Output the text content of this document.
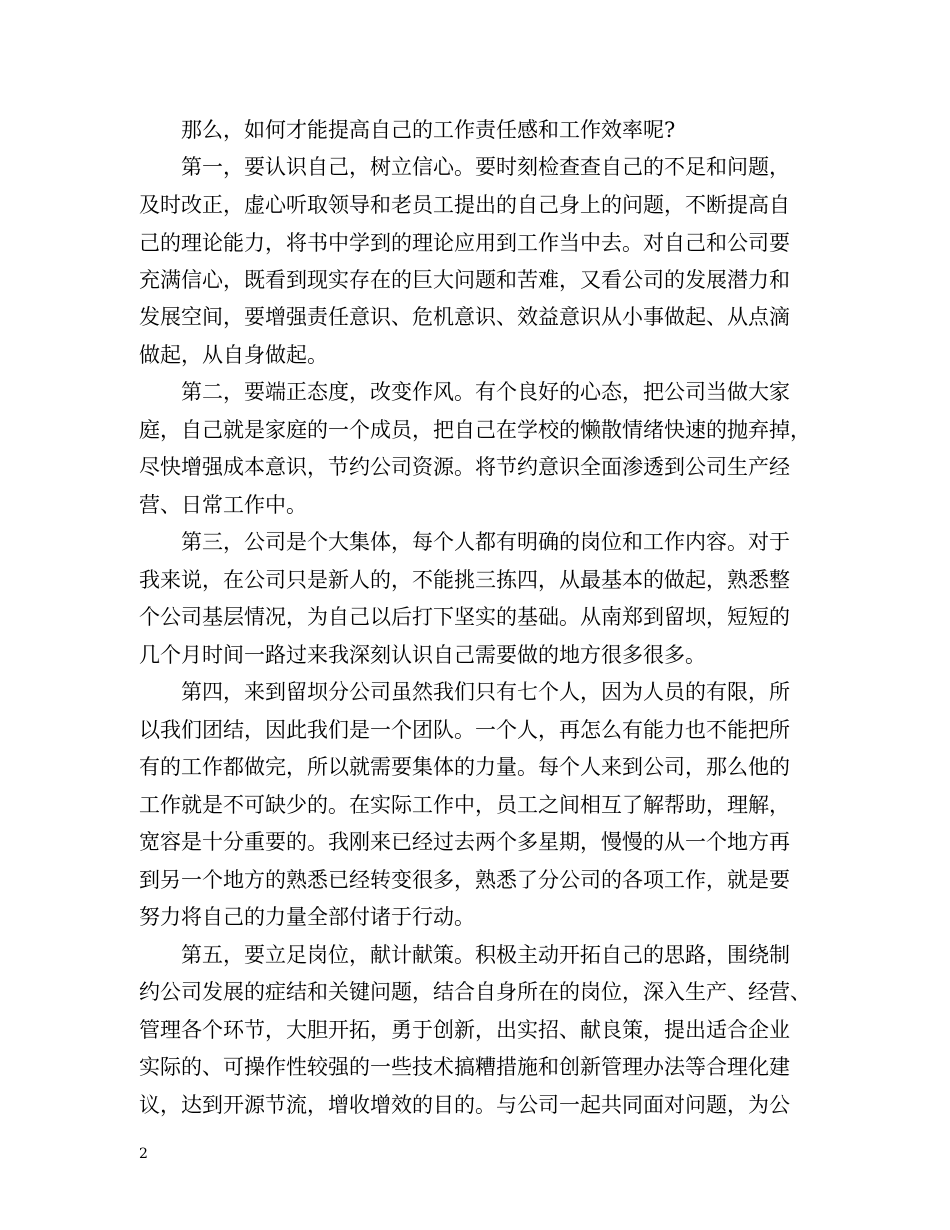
那么，如何才能提高自己的工作责任感和工作效率呢?
第一，要认识自己，树立信心。要时刻检查查自己的不足和问题，
及时改正，虚心听取领导和老员工提出的自己身上的问题，不断提高自
己的理论能力，将书中学到的理论应用到工作当中去。对自己和公司要
充满信心，既看到现实存在的巨大问题和苦难，又看公司的发展潜力和
发展空间，要增强责任意识、危机意识、效益意识从小事做起、从点滴
做起，从自身做起。
第二，要端正态度，改变作风。有个良好的心态，把公司当做大家
庭，自己就是家庭的一个成员，把自己在学校的懒散情绪快速的抛弃掉，
尽快增强成本意识，节约公司资源。将节约意识全面渗透到公司生产经
营、日常工作中。
第三，公司是个大集体，每个人都有明确的岗位和工作内容。对于
我来说，在公司只是新人的，不能挑三拣四，从最基本的做起，熟悉整
个公司基层情况，为自己以后打下坚实的基础。从南郑到留坝，短短的
几个月时间一路过来我深刻认识自己需要做的地方很多很多。
第四，来到留坝分公司虽然我们只有七个人，因为人员的有限，所
以我们团结，因此我们是一个团队。一个人，再怎么有能力也不能把所
有的工作都做完，所以就需要集体的力量。每个人来到公司，那么他的
工作就是不可缺少的。在实际工作中，员工之间相互了解帮助，理解，
宽容是十分重要的。我刚来已经过去两个多星期，慢慢的从一个地方再
到另一个地方的熟悉已经转变很多，熟悉了分公司的各项工作，就是要
努力将自己的力量全部付诸于行动。
第五，要立足岗位，献计献策。积极主动开拓自己的思路，围绕制
约公司发展的症结和关键问题，结合自身所在的岗位，深入生产、经营、
管理各个环节，大胆开拓，勇于创新，出实招、献良策，提出适合企业
实际的、可操作性较强的一些技术搞糟措施和创新管理办法等合理化建
议，达到开源节流，增收增效的目的。与公司一起共同面对问题，为公
2
